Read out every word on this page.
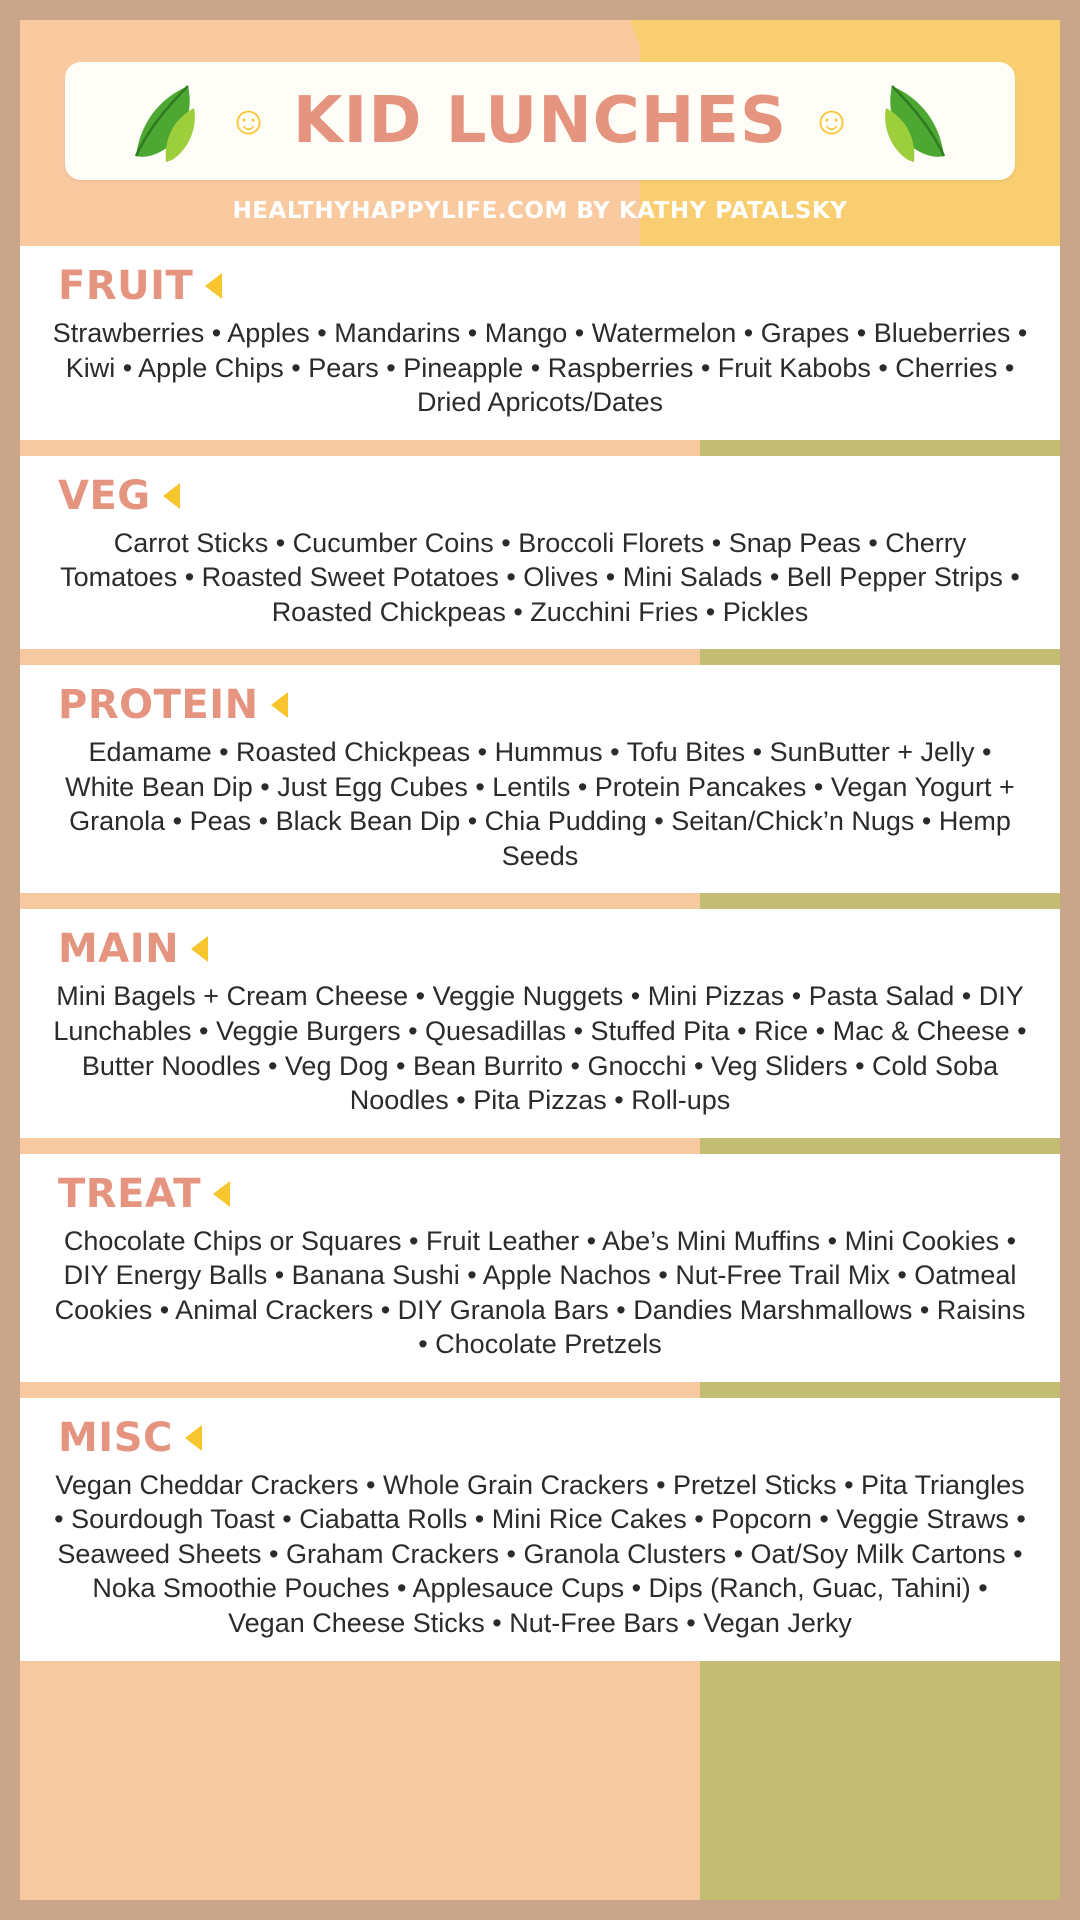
☺ KID LUNCHES ☺
HEALTHYHAPPYLIFE.COM BY KATHY PATALSKY
FRUIT
Strawberries • Apples • Mandarins • Mango • Watermelon • Grapes • Blueberries • Kiwi • Apple Chips • Pears • Pineapple • Raspberries • Fruit Kabobs • Cherries • Dried Apricots/Dates
VEG
Carrot Sticks • Cucumber Coins • Broccoli Florets • Snap Peas • Cherry Tomatoes • Roasted Sweet Potatoes • Olives • Mini Salads • Bell Pepper Strips • Roasted Chickpeas • Zucchini Fries • Pickles
PROTEIN
Edamame • Roasted Chickpeas • Hummus • Tofu Bites • SunButter + Jelly • White Bean Dip • Just Egg Cubes • Lentils • Protein Pancakes • Vegan Yogurt + Granola • Peas • Black Bean Dip • Chia Pudding • Seitan/Chick’n Nugs • Hemp Seeds
MAIN
Mini Bagels + Cream Cheese • Veggie Nuggets • Mini Pizzas • Pasta Salad • DIY Lunchables • Veggie Burgers • Quesadillas • Stuffed Pita • Rice • Mac & Cheese • Butter Noodles • Veg Dog • Bean Burrito • Gnocchi • Veg Sliders • Cold Soba Noodles • Pita Pizzas • Roll-ups
TREAT
Chocolate Chips or Squares • Fruit Leather • Abe’s Mini Muffins • Mini Cookies • DIY Energy Balls • Banana Sushi • Apple Nachos • Nut-Free Trail Mix • Oatmeal Cookies • Animal Crackers • DIY Granola Bars • Dandies Marshmallows • Raisins • Chocolate Pretzels
MISC
Vegan Cheddar Crackers • Whole Grain Crackers • Pretzel Sticks • Pita Triangles • Sourdough Toast • Ciabatta Rolls • Mini Rice Cakes • Popcorn • Veggie Straws • Seaweed Sheets • Graham Crackers • Granola Clusters • Oat/Soy Milk Cartons • Noka Smoothie Pouches • Applesauce Cups • Dips (Ranch, Guac, Tahini) • Vegan Cheese Sticks • Nut-Free Bars • Vegan Jerky
